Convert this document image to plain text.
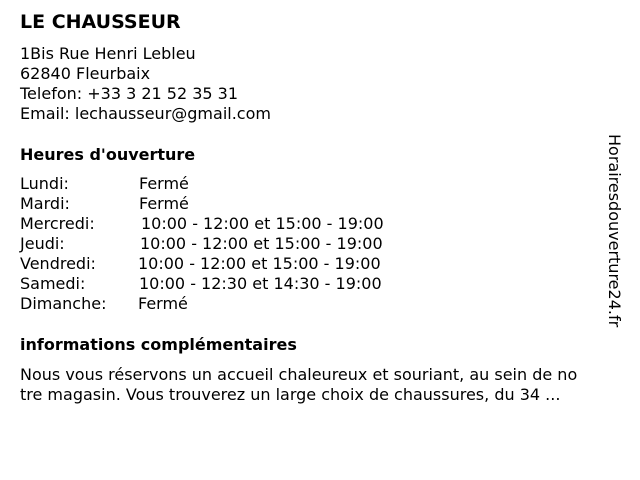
LE CHAUSSEUR
1Bis Rue Henri Lebleu
62840 Fleurbaix
Telefon: +33 3 21 52 35 31
Email: lechausseur@gmail.com
Heures d'ouverture
Lundi:	Fermé
Mardi:	Fermé
Mercredi:	10:00 - 12:00 et 15:00 - 19:00
Jeudi:	10:00 - 12:00 et 15:00 - 19:00
Vendredi:	10:00 - 12:00 et 15:00 - 19:00
Samedi:	10:00 - 12:30 et 14:30 - 19:00
Dimanche: Fermé
informations complémentaires
Nous vous réservons un accueil chaleureux et souriant, au sein de no
tre magasin. Vous trouverez un large choix de chaussures, du 34 ...
Horairesdouverture24.fr
